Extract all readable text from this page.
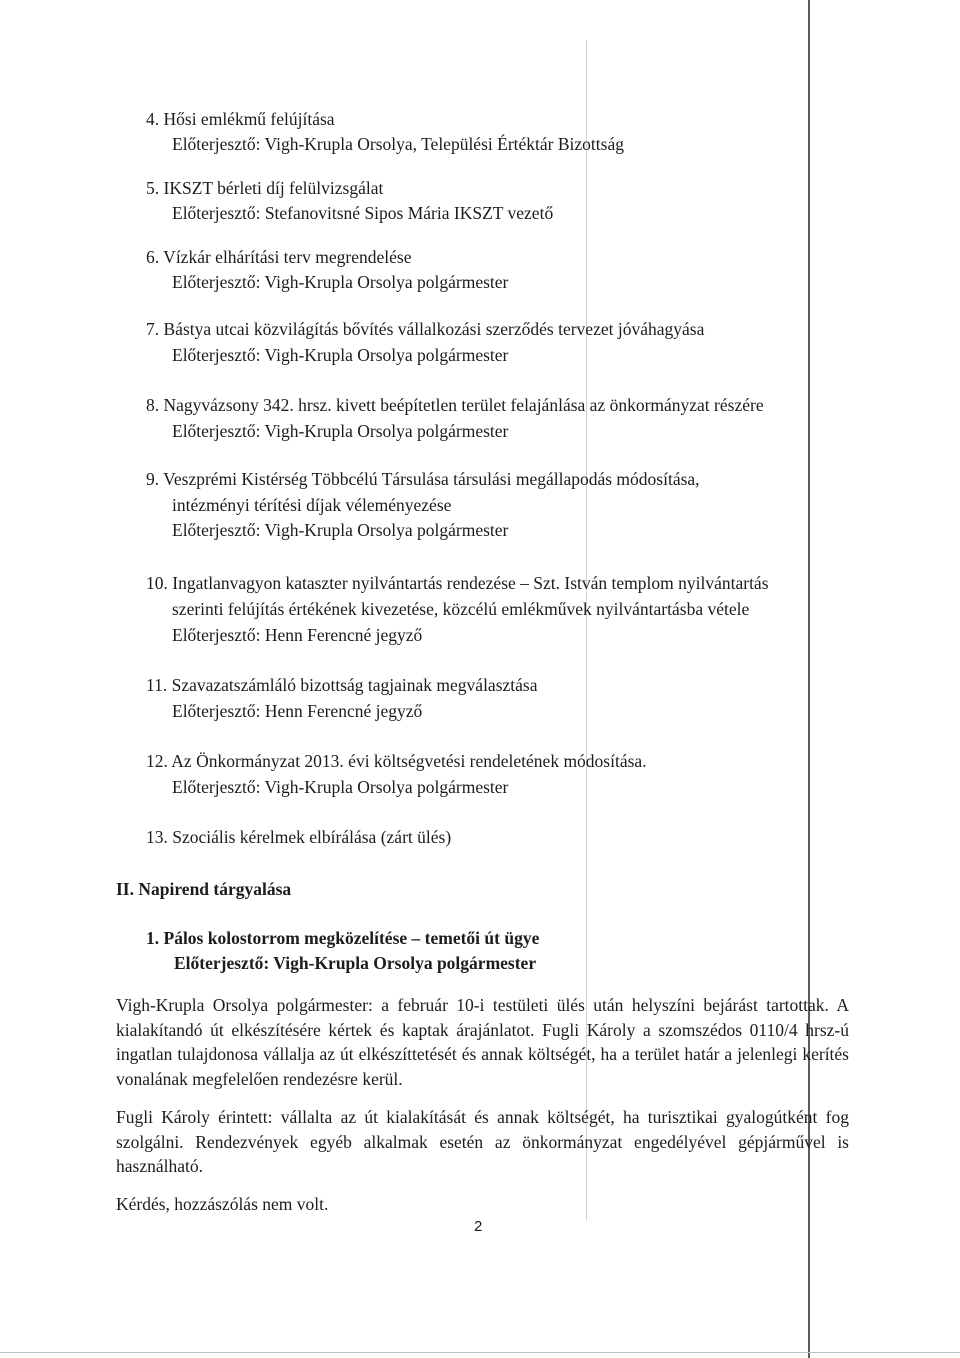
4. Hősi emlékmű felújítása
Előterjesztő: Vigh-Krupla Orsolya, Települési Értéktár Bizottság
5. IKSZT bérleti díj felülvizsgálat
Előterjesztő: Stefanovitsné Sipos Mária IKSZT vezető
6. Vízkár elhárítási terv megrendelése
Előterjesztő: Vigh-Krupla Orsolya polgármester
7. Bástya utcai közvilágítás bővítés vállalkozási szerződés tervezet jóváhagyása
Előterjesztő: Vigh-Krupla Orsolya polgármester
8. Nagyvázsony 342. hrsz. kivett beépítetlen terület felajánlása az önkormányzat részére
Előterjesztő: Vigh-Krupla Orsolya polgármester
9. Veszprémi Kistérség Többcélú Társulása társulási megállapodás módosítása,
intézményi térítési díjak véleményezése
Előterjesztő: Vigh-Krupla Orsolya polgármester
10. Ingatlanvagyon kataszter nyilvántartás rendezése – Szt. István templom nyilvántartás
szerinti felújítás értékének kivezetése, közcélú emlékművek nyilvántartásba vétele
Előterjesztő: Henn Ferencné jegyző
11. Szavazatszámláló bizottság tagjainak megválasztása
Előterjesztő: Henn Ferencné jegyző
12. Az Önkormányzat 2013. évi költségvetési rendeletének módosítása.
Előterjesztő: Vigh-Krupla Orsolya polgármester
13. Szociális kérelmek elbírálása (zárt ülés)
II. Napirend tárgyalása
1. Pálos kolostorrom megközelítése – temetői út ügye
Előterjesztő: Vigh-Krupla Orsolya polgármester
Vigh-Krupla Orsolya polgármester: a február 10-i testületi ülés után helyszíni bejárást tartottak. A kialakítandó út elkészítésére kértek és kaptak árajánlatot. Fugli Károly a szomszédos 0110/4 hrsz-ú ingatlan tulajdonosa vállalja az út elkészíttetését és annak költségét, ha a terület határ a jelenlegi kerítés vonalának megfelelően rendezésre kerül.
Fugli Károly érintett: vállalta az út kialakítását és annak költségét, ha turisztikai gyalogútként fog szolgálni. Rendezvények egyéb alkalmak esetén az önkormányzat engedélyével gépjárművel is használható.
Kérdés, hozzászólás nem volt.
2
